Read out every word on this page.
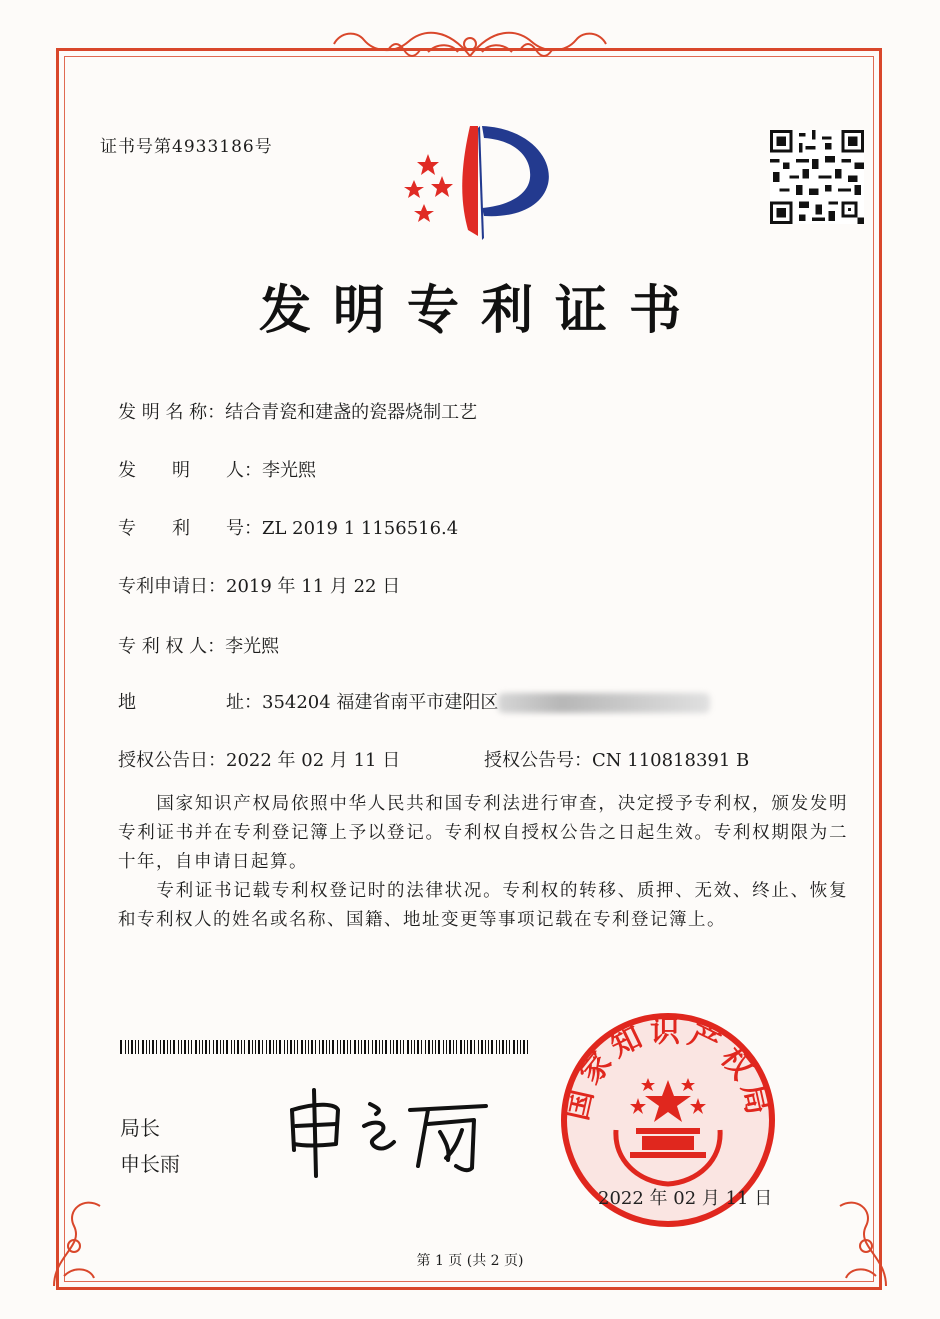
证书号第4933186号
发明专利证书
发 明 名 称：结合青瓷和建盏的瓷器烧制工艺
发　　明　　人：李光熙
专　　利　　号：ZL 2019 1 1156516.4
专利申请日：2019 年 11 月 22 日
专 利 权 人：李光熙
地　　　　　址：354204 福建省南平市建阳区
授权公告日：2022 年 02 月 11 日	授权公告号：CN 110818391 B
　　国家知识产权局依照中华人民共和国专利法进行审查，决定授予专利权，颁发发明专利证书并在专利登记簿上予以登记。专利权自授权公告之日起生效。专利权期限为二十年，自申请日起算。
　　专利证书记载专利权登记时的法律状况。专利权的转移、质押、无效、终止、恢复和专利权人的姓名或名称、国籍、地址变更等事项记载在专利登记簿上。
局长
申长雨
国家知识产权局
2022 年 02 月 11 日
第 1 页 (共 2 页)
